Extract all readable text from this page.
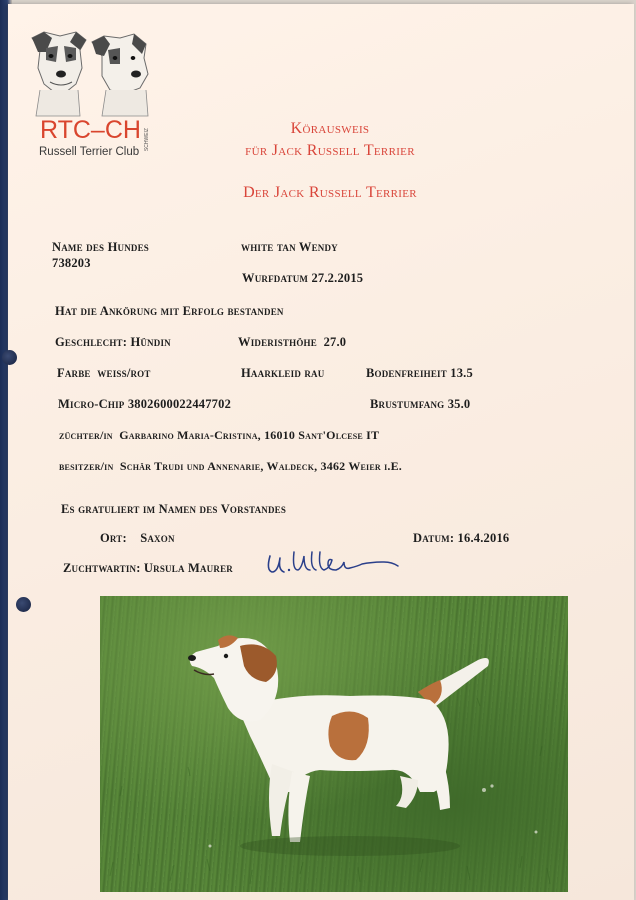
RTC–CH
Russell Terrier Club
SCHWEIZ	Körausweis
für Jack Russell Terrier
Der Jack Russell Terrier
Name des Hundes	white tan Wendy
738203
Wurfdatum 27.2.2015
Hat die Ankörung mit Erfolg bestanden
Geschlecht: Hündin	Wideristhöhe 27.0
Farbe weiss/rot	Haarkleid rau	Bodenfreiheit 13.5
Micro-Chip 3802600022447702	Brustumfang 35.0
züchter/in Garbarino Maria-Cristina, 16010 Sant'Olcese IT
besitzer/in Schär Trudi und Annenarie, Waldeck, 3462 Weier i.E.
Es gratuliert im Namen des Vorstandes
Ort: Saxon	Datum: 16.4.2016
Zuchtwartin: Ursula Maurer
